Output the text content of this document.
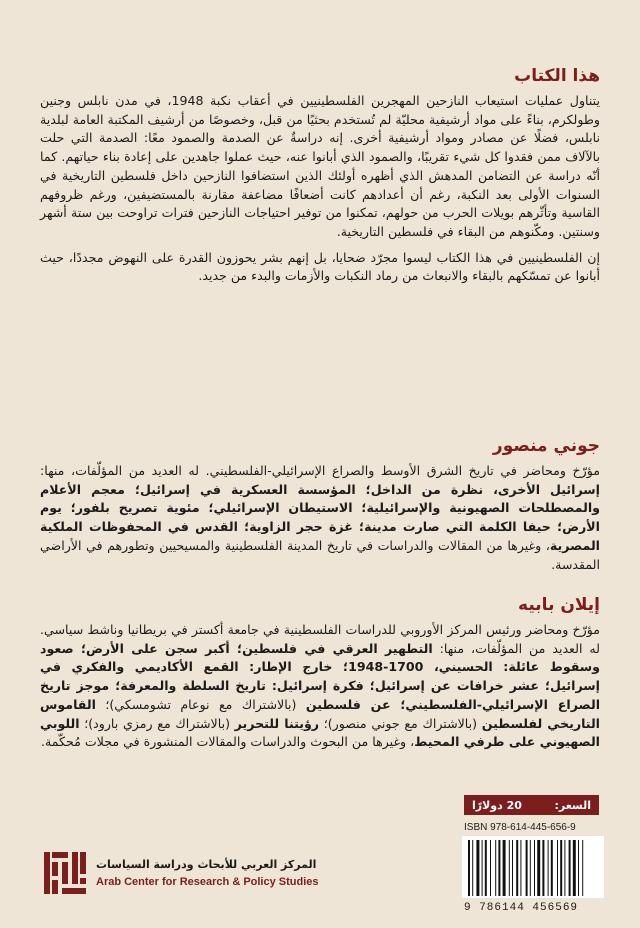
هذا الكتاب

يتناول عمليات استيعاب النازحين المهجرين الفلسطينيين في أعقاب نكبة 1948، في مدن نابلس وجنين وطولكرم، بناءً على مواد أرشيفية محليّة لم تُستخدم بحثيًا من قبل، وخصوصًا من أرشيف المكتبة العامة لبلدية نابلس، فضلًا عن مصادر ومواد أرشيفية أخرى. إنه دراسةٌ عن الصدمة والصمود معًا: الصدمة التي حلت بالآلاف ممن فقدوا كل شيء تقريبًا، والصمود الذي أبانوا عنه، حيث عملوا جاهدين على إعادة بناء حياتهم. كما أنّه دراسة عن التضامن المدهش الذي أظهره أولئك الذين استضافوا النازحين داخل فلسطين التاريخية في السنوات الأولى بعد النكبة، رغم أن أعدادهم كانت أضعافًا مضاعفة مقارنة بالمستضيفين، ورغم ظروفهم القاسية وتأثّرهم بويلات الحرب من حولهم، تمكنوا من توفير احتياجات النازحين فترات تراوحت بين ستة أشهر وسنتين. ومكّنوهم من البقاء في فلسطين التاريخية.

إن الفلسطينيين في هذا الكتاب ليسوا مجرّد ضحايا، بل إنهم بشر يحوزون القدرة على النهوض مجددًا، حيث أبانوا عن تمسّكهم بالبقاء والانبعاث من رماد النكبات والأزمات والبدء من جديد.

جوني منصور

مؤرّخ ومحاضر في تاريخ الشرق الأوسط والصراع الإسرائيلي-الفلسطيني. له العديد من المؤلّفات، منها: إسرائيل الأخرى، نظرة من الداخل؛ المؤسسة العسكرية في إسرائيل؛ معجم الأعلام والمصطلحات الصهيونية والإسرائيلية؛ الاستيطان الإسرائيلي؛ مئوية تصريح بلفور؛ يوم الأرض؛ حيفا الكلمة التي صارت مدينة؛ غزة حجر الزاوية؛ القدس في المحفوظات الملكية المصرية، وغيرها من المقالات والدراسات في تاريخ المدينة الفلسطينية والمسيحيين وتطورهم في الأراضي المقدسة.

إيلان بابيه

مؤرّخ ومحاضر ورئيس المركز الأوروبي للدراسات الفلسطينية في جامعة أكستر في بريطانيا وناشط سياسي. له العديد من المؤلّفات، منها: التطهير العرقي في فلسطين؛ أكبر سجن على الأرض؛ صعود وسقوط عائلة: الحسيني، 1700-1948؛ خارج الإطار: القمع الأكاديمي والفكري في إسرائيل؛ عشر خرافات عن إسرائيل؛ فكرة إسرائيل: تاريخ السلطة والمعرفة؛ موجز تاريخ الصراع الإسرائيلي-الفلسطيني؛ عن فلسطين (بالاشتراك مع نوعام تشومسكي)؛ القاموس التاريخي لفلسطين (بالاشتراك مع جوني منصور)؛ رؤيتنا للتحرير (بالاشتراك مع رمزي بارود)؛ اللوبي الصهيوني على طرفي المحيط، وغيرها من البحوث والدراسات والمقالات المنشورة في مجلات مُحكّمة.

السعر:
20 دولارًا
ISBN 978-614-445-656-9
9 786144 456569
المركز العربي للأبحاث ودراسة السياسات
Arab Center for Research & Policy Studies
